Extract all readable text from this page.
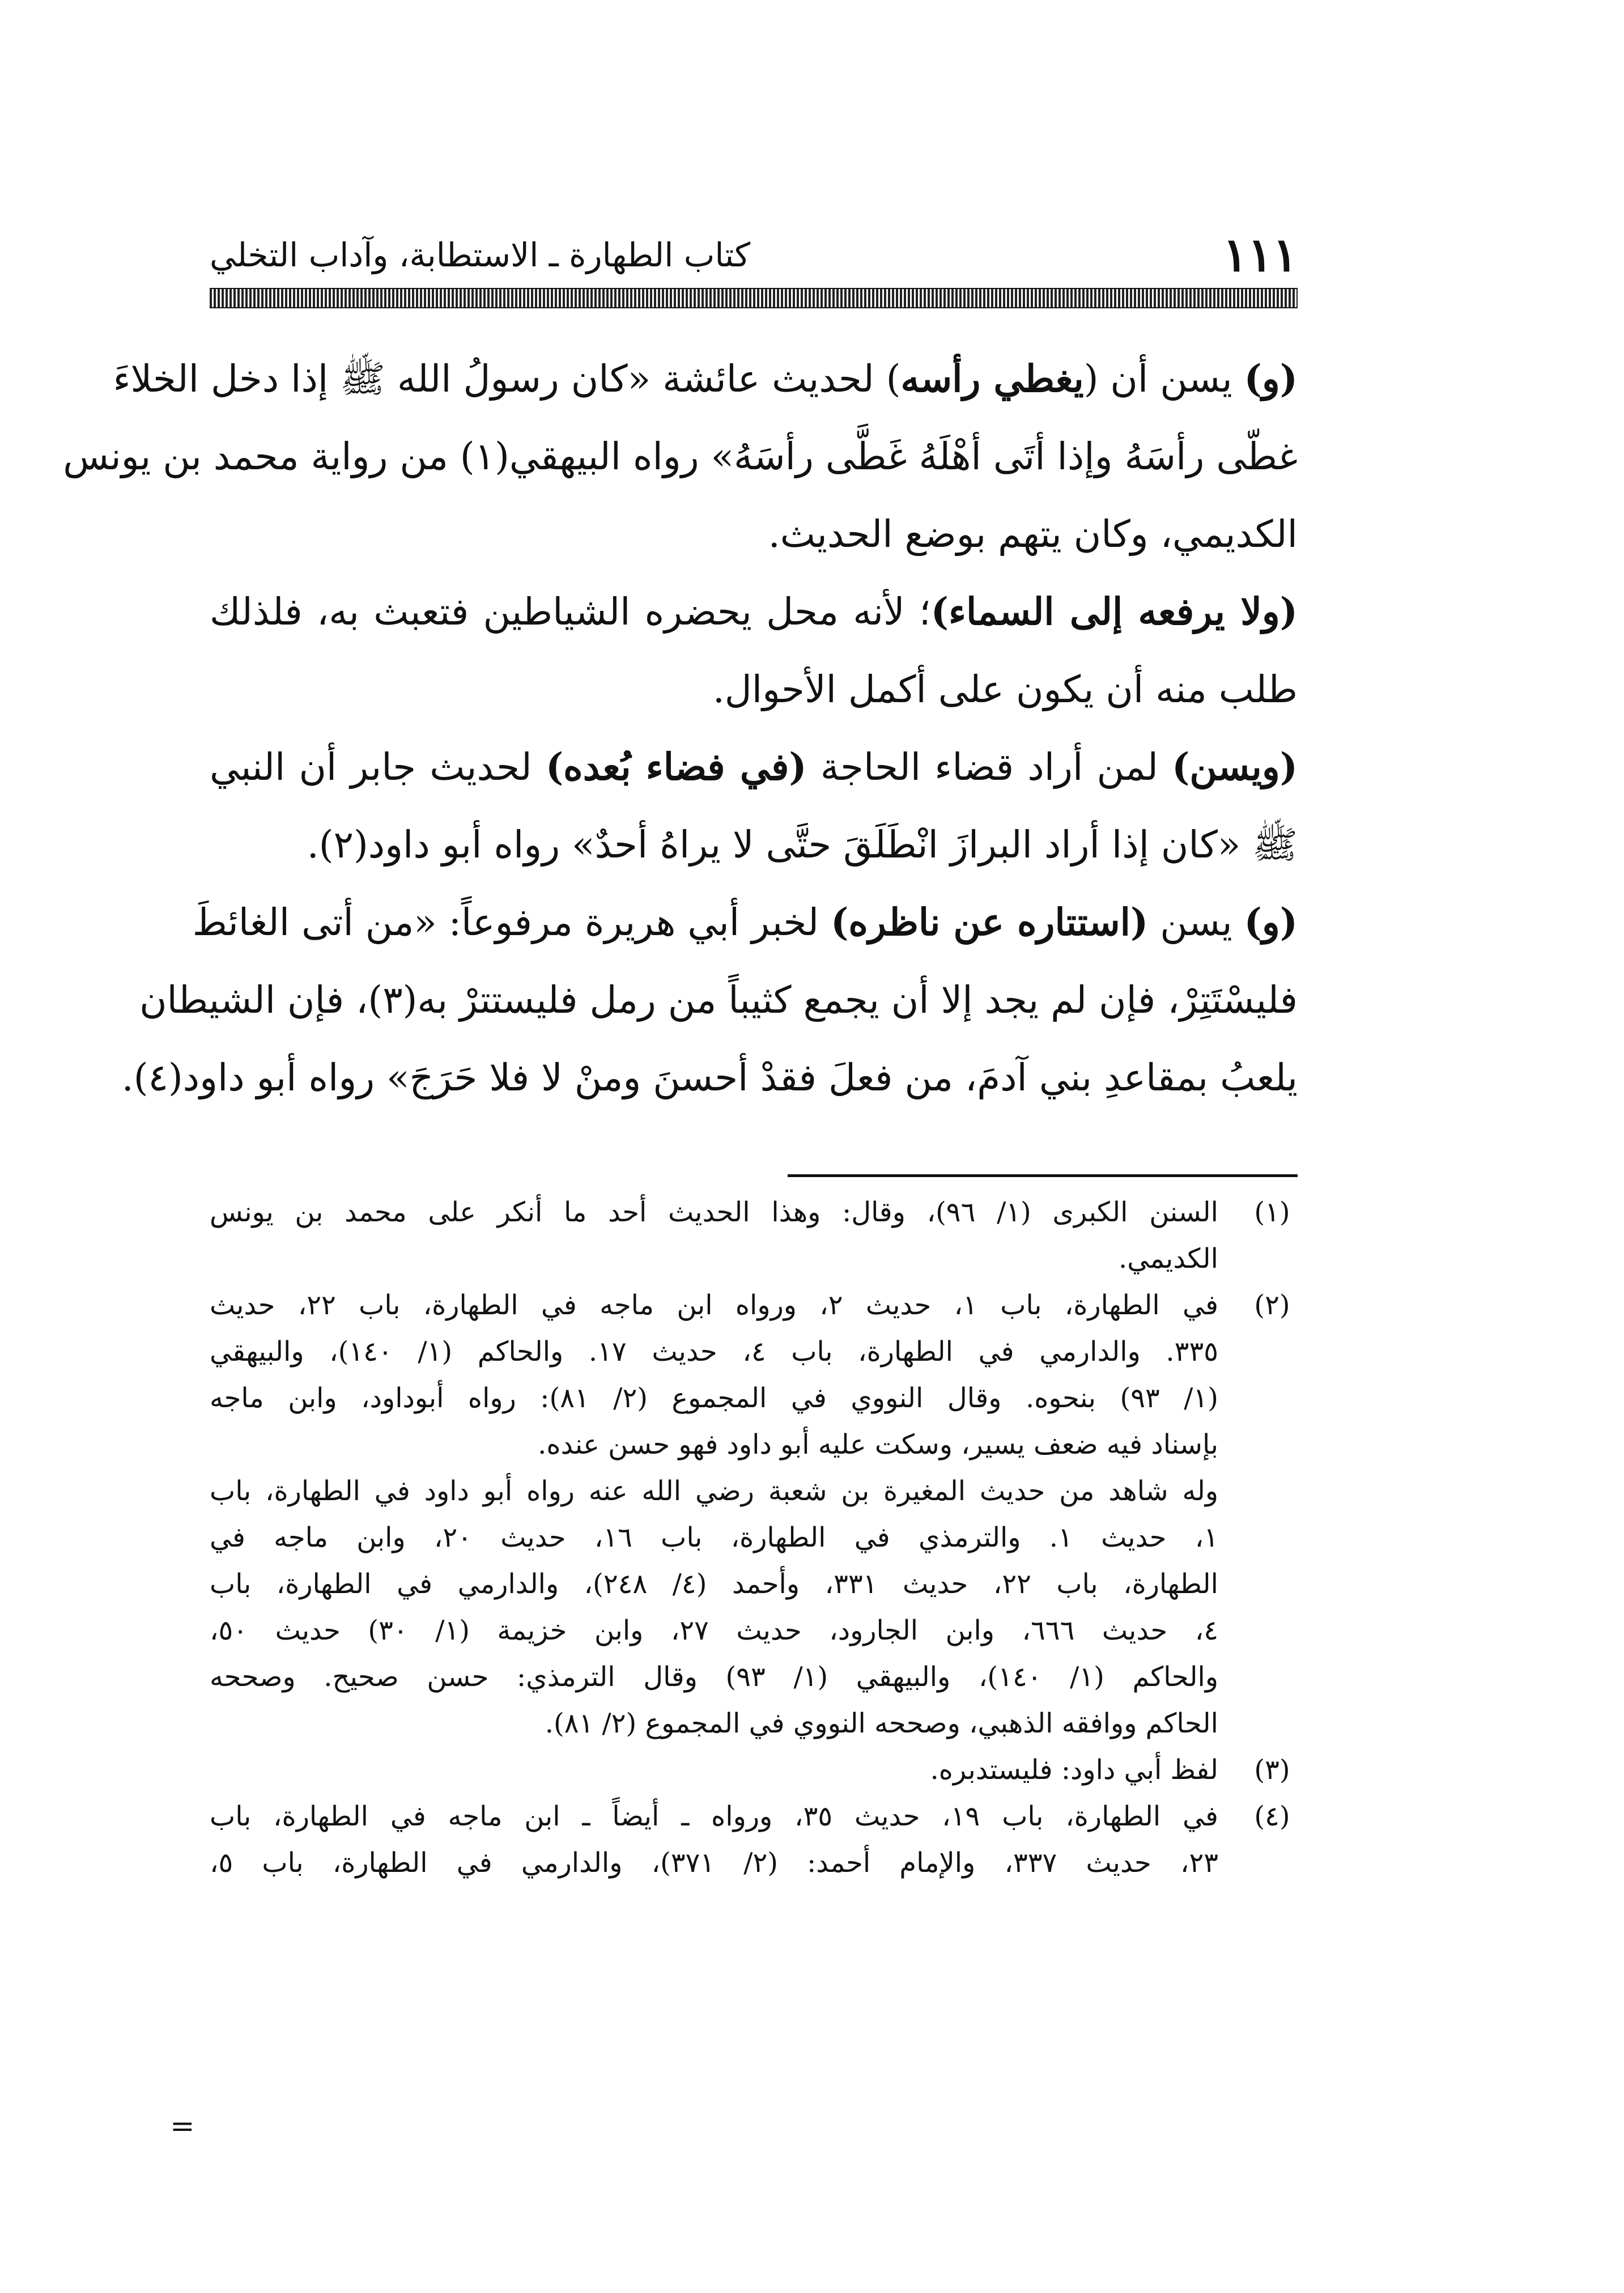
١١١
كتاب الطهارة ـ الاستطابة، وآداب التخلي
(و) يسن أن (يغطي رأسه) لحديث عائشة «كان رسولُ الله ﷺ إذا دخل الخلاءَ
غطّى رأسَهُ وإذا أتَى أهْلَهُ غَطَّى رأسَهُ» رواه البيهقي(١) من رواية محمد بن يونس
الكديمي، وكان يتهم بوضع الحديث.
(ولا يرفعه إلى السماء)؛ لأنه محل يحضره الشياطين فتعبث به، فلذلك
طلب منه أن يكون على أكمل الأحوال.
(ويسن) لمن أراد قضاء الحاجة (في فضاء بُعده) لحديث جابر أن النبي
ﷺ «كان إذا أراد البرازَ انْطَلَقَ حتَّى لا يراهُ أحدٌ» رواه أبو داود(٢).
(و) يسن (استتاره عن ناظره) لخبر أبي هريرة مرفوعاً: «من أتى الغائطَ
فليسْتَتِرْ، فإن لم يجد إلا أن يجمع كثيباً من رمل فليستترْ به(٣)، فإن الشيطان
يلعبُ بمقاعدِ بني آدمَ، من فعلَ فقدْ أحسنَ ومنْ لا فلا حَرَجَ» رواه أبو داود(٤).
(١)
السنن الكبرى (١/ ٩٦)، وقال: وهذا الحديث أحد ما أنكر على محمد بن يونس
الكديمي.
(٢)
في الطهارة، باب ١، حديث ٢، ورواه ابن ماجه في الطهارة، باب ٢٢، حديث
٣٣٥. والدارمي في الطهارة، باب ٤، حديث ١٧. والحاكم (١/ ١٤٠)، والبيهقي
(١/ ٩٣) بنحوه. وقال النووي في المجموع (٢/ ٨١): رواه أبوداود، وابن ماجه
بإسناد فيه ضعف يسير، وسكت عليه أبو داود فهو حسن عنده.
وله شاهد من حديث المغيرة بن شعبة رضي الله عنه رواه أبو داود في الطهارة، باب
١، حديث ١. والترمذي في الطهارة، باب ١٦، حديث ٢٠، وابن ماجه في
الطهارة، باب ٢٢، حديث ٣٣١، وأحمد (٤/ ٢٤٨)، والدارمي في الطهارة، باب
٤، حديث ٦٦٦، وابن الجارود، حديث ٢٧، وابن خزيمة (١/ ٣٠) حديث ٥٠،
والحاكم (١/ ١٤٠)، والبيهقي (١/ ٩٣) وقال الترمذي: حسن صحيح. وصححه
الحاكم ووافقه الذهبي، وصححه النووي في المجموع (٢/ ٨١).
(٣)
لفظ أبي داود: فليستدبره.
(٤)
في الطهارة، باب ١٩، حديث ٣٥، ورواه ـ أيضاً ـ ابن ماجه في الطهارة، باب
٢٣، حديث ٣٣٧، والإمام أحمد: (٢/ ٣٧١)، والدارمي في الطهارة، باب ٥،
=
